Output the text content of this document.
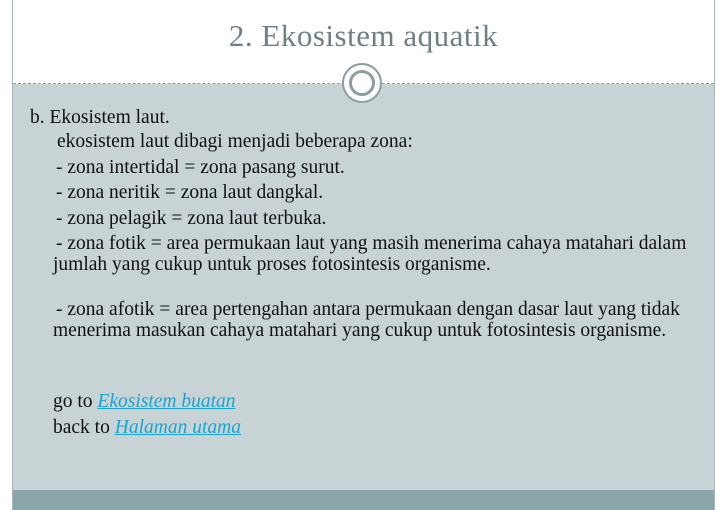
2. Ekosistem aquatik
b. Ekosistem laut.
ekosistem laut dibagi menjadi beberapa zona:
- zona intertidal = zona pasang surut.
- zona neritik = zona laut dangkal.
- zona pelagik = zona laut terbuka.
- zona fotik = area permukaan laut yang masih menerima cahaya matahari dalam jumlah yang cukup untuk proses fotosintesis organisme.
- zona afotik = area pertengahan antara permukaan dengan dasar laut yang tidak menerima masukan cahaya matahari yang cukup untuk fotosintesis organisme.
go to Ekosistem buatan
back to Halaman utama
